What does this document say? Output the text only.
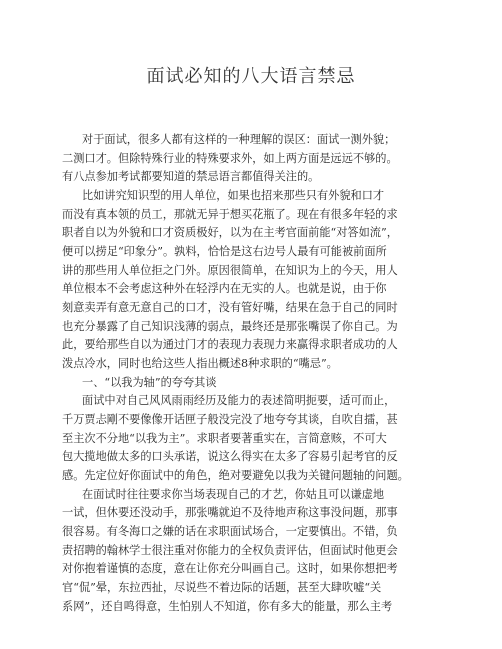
面试必知的八大语言禁忌
对于面试，很多人都有这样的一种理解的误区：面试一测外貌；
二测口才。但除特殊行业的特殊要求外，如上两方面是远远不够的。
有八点参加考试都要知道的禁忌语言都值得关注的。
比如讲究知识型的用人单位，如果也招来那些只有外貌和口才
而没有真本领的员工，那就无异于想买花瓶了。现在有很多年轻的求
职者自以为外貌和口才资质极好，以为在主考官面前能“对答如流”，
便可以捞足“印象分”。孰料，恰恰是这右边号人最有可能被前面所
讲的那些用人单位拒之门外。原因很简单，在知识为上的今天，用人
单位根本不会考虑这种外在轻浮内在无实的人。也就是说，由于你
刻意卖弄有意无意自己的口才，没有管好嘴，结果在急于自己的同时
也充分暴露了自己知识浅薄的弱点，最终还是那张嘴误了你自己。为
此，要给那些自以为通过门才的表现力表现力来赢得求职者成功的人
泼点冷水，同时也给这些人指出概述8种求职的“嘴忌”。
一、“以我为轴”的夸夸其谈
面试中对自己风风雨雨经历及能力的表述简明扼要，适可而止，
千万贾忐剛不要像像开话匣子般没完没了地夸夸其谈，自吹自擂，甚
至主次不分地“以我为主”。求职者要著重实在，言简意赅，不可大
包大揽地做太多的口头承诺，说这么得实在太多了容易引起考官的反
感。先定位好你面试中的角色，绝对要避免以我为关键问题轴的问题。
在面试时往往要求你当场表现自己的才艺，你姑且可以谦虚地
一试，但休要还没动手，那张嘴就迫不及待地声称这事没问题，那事
很容易。有冬海口之嫌的话在求职面试场合，一定要慎出。不错，负
责招聘的翰林学士很注重对你能力的全权负责评估，但面试时他更会
对你抱着谨慎的态度，意在让你充分叫画自己。这时，如果你想把考
官“侃”晕，东拉西扯，尽说些不着边际的话题，甚至大肆吹嘘“关
系网”，还自鸣得意，生怕别人不知道，你有多大的能量，那么主考
